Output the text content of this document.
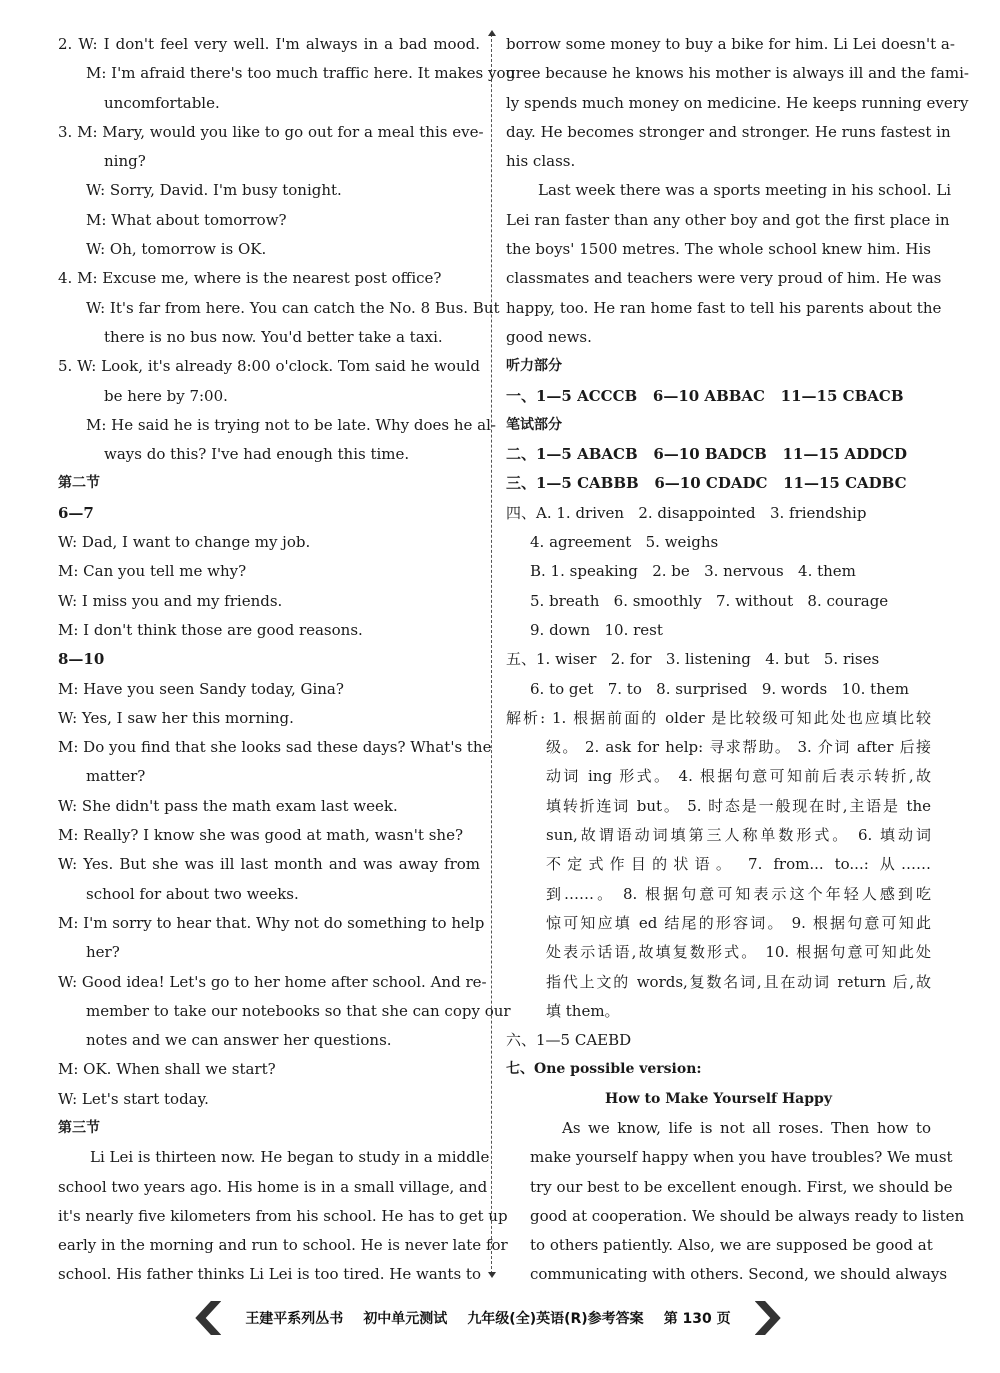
2. W: I don't feel very well. I'm always in a bad mood.

M: I'm afraid there's too much traffic here. It makes you

uncomfortable.

3. M: Mary, would you like to go out for a meal this eve-

ning?

W: Sorry, David. I'm busy tonight.

M: What about tomorrow?

W: Oh, tomorrow is OK.

4. M: Excuse me, where is the nearest post office?

W: It's far from here. You can catch the No. 8 Bus. But

there is no bus now. You'd better take a taxi.

5. W: Look, it's already 8:00 o'clock. Tom said he would

be here by 7:00.

M: He said he is trying not to be late. Why does he al-

ways do this? I've had enough this time.

第二节

6—7

W: Dad, I want to change my job.

M: Can you tell me why?

W: I miss you and my friends.

M: I don't think those are good reasons.

8—10

M: Have you seen Sandy today, Gina?

W: Yes, I saw her this morning.

M: Do you find that she looks sad these days? What's the

matter?

W: She didn't pass the math exam last week.

M: Really? I know she was good at math, wasn't she?

W: Yes. But she was ill last month and was away from

school for about two weeks.

M: I'm sorry to hear that. Why not do something to help

her?

W: Good idea! Let's go to her home after school. And re-

member to take our notebooks so that she can copy our

notes and we can answer her questions.

M: OK. When shall we start?

W: Let's start today.

第三节

Li Lei is thirteen now. He began to study in a middle

school two years ago. His home is in a small village, and

it's nearly five kilometers from his school. He has to get up

early in the morning and run to school. He is never late for

school. His father thinks Li Lei is too tired. He wants to

borrow some money to buy a bike for him. Li Lei doesn't a-

gree because he knows his mother is always ill and the fami-

ly spends much money on medicine. He keeps running every

day. He becomes stronger and stronger. He runs fastest in

his class.

Last week there was a sports meeting in his school. Li

Lei ran faster than any other boy and got the first place in

the boys' 1500 metres. The whole school knew him. His

classmates and teachers were very proud of him. He was

happy, too. He ran home fast to tell his parents about the

good news.

听力部分

一、1—5 ACCCB   6—10 ABBAC   11—15 CBACB

笔试部分

二、1—5 ABACB   6—10 BADCB   11—15 ADDCD

三、1—5 CABBB   6—10 CDADC   11—15 CADBC

四、A. 1. driven   2. disappointed   3. friendship

4. agreement   5. weighs

B. 1. speaking   2. be   3. nervous   4. them

5. breath   6. smoothly   7. without   8. courage

9. down   10. rest

五、1. wiser   2. for   3. listening   4. but   5. rises

6. to get   7. to   8. surprised   9. words   10. them

解析: 1. 根据前面的 older 是比较级可知此处也应填比较

级。 2. ask for help: 寻求帮助。 3. 介词 after 后接

动词 ing 形式。 4. 根据句意可知前后表示转折,故

填转折连词 but。 5. 时态是一般现在时,主语是 the

sun,故谓语动词填第三人称单数形式。 6. 填动词

不定式作目的状语。 7. from... to...: 从……

到……。 8. 根据句意可知表示这个年轻人感到吃

惊可知应填 ed 结尾的形容词。 9. 根据句意可知此

处表示话语,故填复数形式。 10. 根据句意可知此处

指代上文的 words,复数名词,且在动词 return 后,故

填 them。

六、1—5 CAEBD

七、One possible version:

How to Make Yourself Happy

As we know, life is not all roses. Then how to

make yourself happy when you have troubles? We must

try our best to be excellent enough. First, we should be

good at cooperation. We should be always ready to listen

to others patiently. Also, we are supposed be good at

communicating with others. Second, we should always

王建平系列丛书 初中单元测试 九年级(全)英语(R)参考答案 第 130 页
